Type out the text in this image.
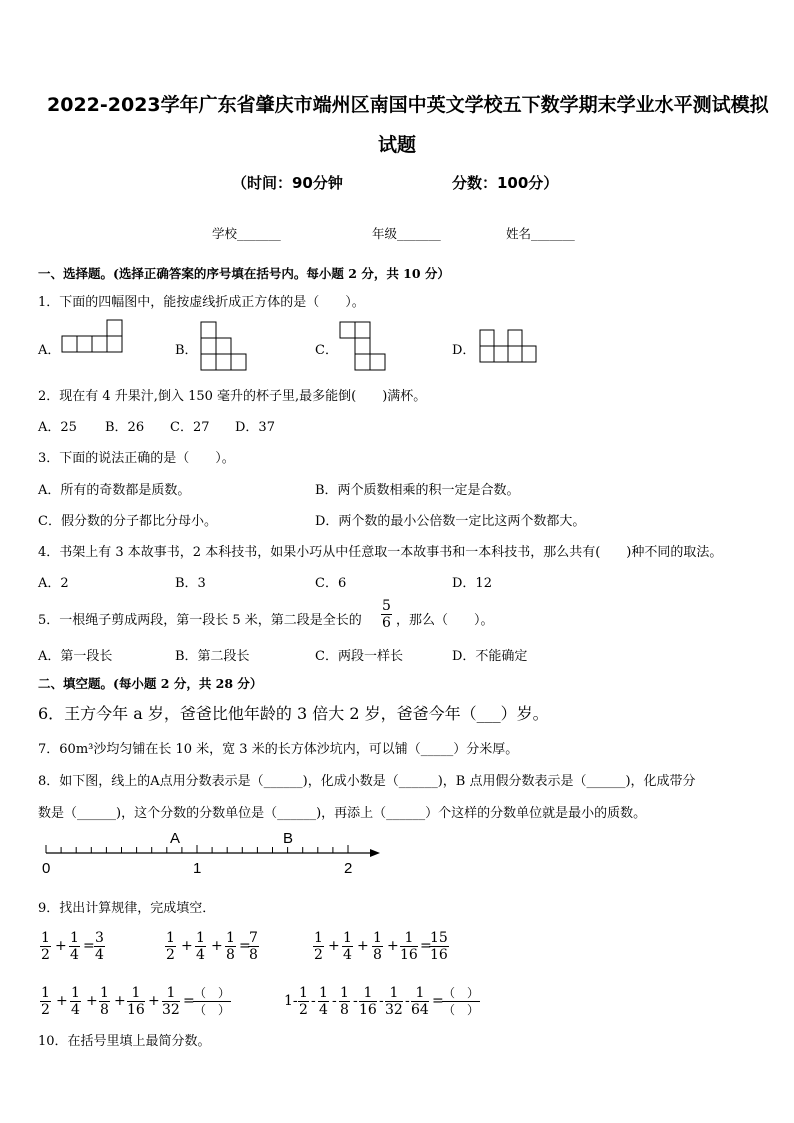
2022-2023学年广东省肇庆市端州区南国中英文学校五下数学期末学业水平测试模拟
试题
（时间：90分钟	分数：100分）
学校_______	年级_______	姓名_______
一、选择题。(选择正确答案的序号填在括号内。每小题 2 分，共 10 分）
1．下面的四幅图中，能按虚线折成正方体的是（　　）。
A．	B．	C．	D．
2．现在有 4 升果汁,倒入 150 毫升的杯子里,最多能倒(　　)满杯。
A．25 B．26 C．27 D．37
3．下面的说法正确的是（　　）。
A．所有的奇数都是质数。	B．两个质数相乘的积一定是合数。
C．假分数的分子都比分母小。	D．两个数的最小公倍数一定比这两个数都大。
4．书架上有 3 本故事书，2 本科技书，如果小巧从中任意取一本故事书和一本科技书，那么共有(　　)种不同的取法。
A．2	B．3	C．6	D．12
5．一根绳子剪成两段，第一段长 5 米，第二段是全长的 $\frac{5}{6}$ ，那么（　　）。
A．第一段长	B．第二段长	C．两段一样长	D．不能确定
二、填空题。(每小题 2 分，共 28 分）
6．王方今年 a 岁，爸爸比他年龄的 3 倍大 2 岁，爸爸今年（___）岁。
7．60m³沙均匀铺在长 10 米，宽 3 米的长方体沙坑内，可以铺（_____）分米厚。
8．如下图，线上的A点用分数表示是（______)，化成小数是（______)，B 点用假分数表示是（______)，化成带分
数是（______)，这个分数的分数单位是（______)，再添上（______）个这样的分数单位就是最小的质数。
0	1	2
A	B
9．找出计算规律，完成填空．
$\frac{1}{2} + \frac{1}{4} = \frac{3}{4}$	$\frac{1}{2} + \frac{1}{4} + \frac{1}{8}$ =
$\frac{7}{8}$	$\frac{1}{2} + \frac{1}{4} + \frac{1}{8} + \frac{1}{16}$ =
$\frac{15}{16}$
$\frac{1}{2} + \frac{1}{4} + \frac{1}{8} + \frac{1}{16} + \frac{1}{32}$ = （　）
（　）
$1- \frac{1}{2} - \frac{1}{4} - \frac{1}{8} - \frac{1}{16} - \frac{1}{32} - \frac{1}{64}$ = （　）
（　）
10．在括号里填上最简分数。
